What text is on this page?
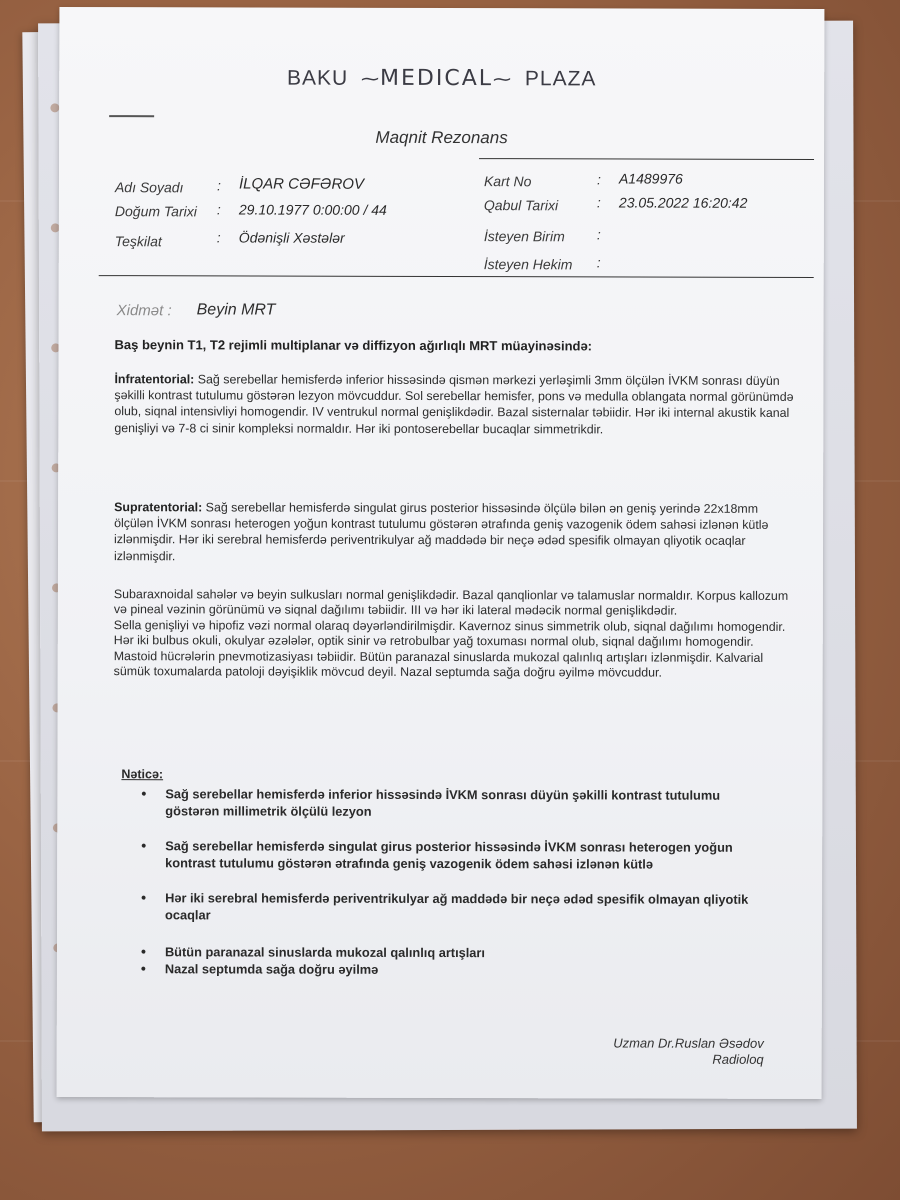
BAKU  ⁓MEDICAL⁓  PLAZA
Maqnit Rezonans
Adı Soyadı : İLQAR CƏFƏROV
Doğum Tarixi : 29.10.1977 0:00:00 / 44
Teşkilat	: Ödənişli Xəstələr
Kart No	: A1489976
Qabul Tarixi	: 23.05.2022 16:20:42
İsteyen Birim :
İsteyen Hekim :
Xidmət : Beyin MRT
Baş beynin T1, T2 rejimli multiplanar və diffizyon ağırlıqlı MRT müayinəsində:
İnfratentorial: Sağ serebellar hemisferdə inferior hissəsində qismən mərkezi yerləşimli 3mm ölçülən İVKM sonrası düyün şəkilli kontrast tutulumu göstərən lezyon mövcuddur. Sol serebellar hemisfer, pons və medulla oblangata normal görünümdə olub, siqnal intensivliyi homogendir. IV ventrukul normal genişlikdədir. Bazal sisternalar təbiidir. Hər iki internal akustik kanal genişliyi və 7-8 ci sinir kompleksi normaldır. Hər iki pontoserebellar bucaqlar simmetrikdir.
Supratentorial: Sağ serebellar hemisferdə singulat girus posterior hissəsində ölçülə bilən ən geniş yerində 22x18mm ölçülən İVKM sonrası heterogen yoğun kontrast tutulumu göstərən ətrafında geniş vazogenik ödem sahəsi izlənən kütlə izlənmişdir. Hər iki serebral hemisferdə periventrikulyar ağ maddədə bir neçə ədəd spesifik olmayan qliyotik ocaqlar izlənmişdir.
Subaraxnoidal sahələr və beyin sulkusları normal genişlikdədir. Bazal qanqlionlar və talamuslar normaldır. Korpus kallozum və pineal vəzinin görünümü və siqnal dağılımı təbiidir. III və hər iki lateral mədəcik normal genişlikdədir.
Sella genişliyi və hipofiz vəzi normal olaraq dəyərləndirilmişdir. Kavernoz sinus simmetrik olub, siqnal dağılımı homogendir.
Hər iki bulbus okuli, okulyar əzələlər, optik sinir və retrobulbar yağ toxuması normal olub, siqnal dağılımı homogendir.
Mastoid hücrələrin pnevmotizasiyası təbiidir. Bütün paranazal sinuslarda mukozal qalınlıq artışları izlənmişdir. Kalvarial sümük toxumalarda patoloji dəyişiklik mövcud deyil. Nazal septumda sağa doğru əyilmə mövcuddur.
Nəticə:
• Sağ serebellar hemisferdə inferior hissəsində İVKM sonrası düyün şəkilli kontrast tutulumu göstərən millimetrik ölçülü lezyon
• Sağ serebellar hemisferdə singulat girus posterior hissəsində İVKM sonrası heterogen yoğun kontrast tutulumu göstərən ətrafında geniş vazogenik ödem sahəsi izlənən kütlə
• Hər iki serebral hemisferdə periventrikulyar ağ maddədə bir neçə ədəd spesifik olmayan qliyotik ocaqlar
• Bütün paranazal sinuslarda mukozal qalınlıq artışları
• Nazal septumda sağa doğru əyilmə
Uzman Dr.Ruslan Əsədov
Radioloq
